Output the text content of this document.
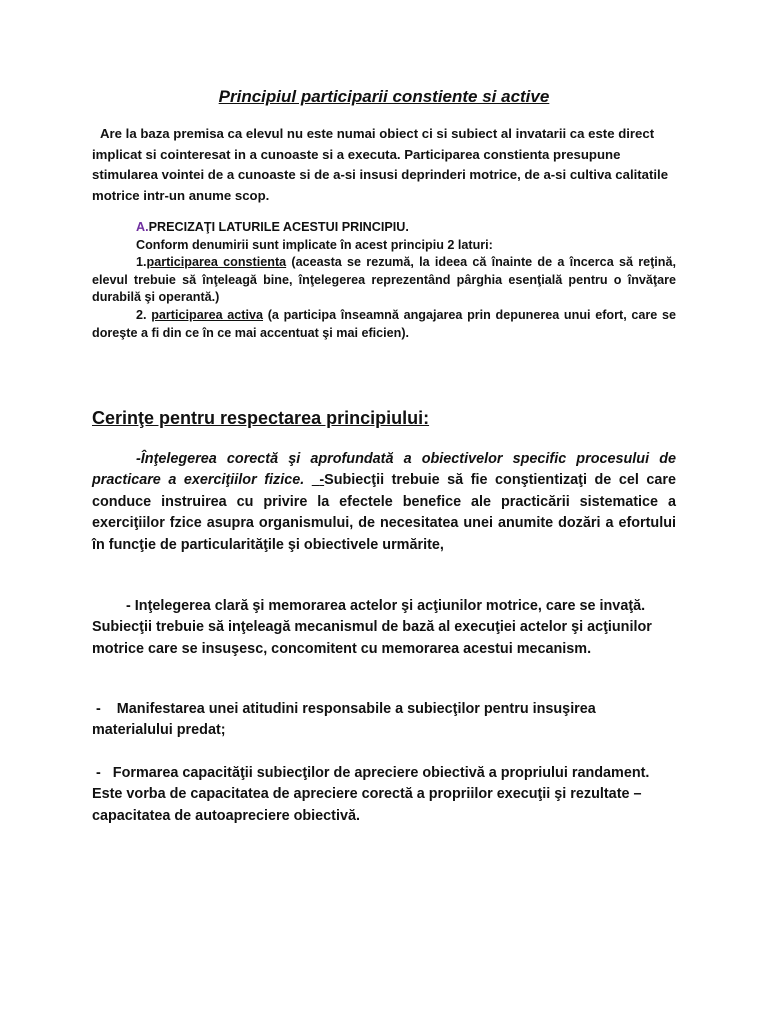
Principiul participarii constiente si active
Are la baza premisa ca elevul nu este numai obiect ci si subiect al invatarii ca este direct implicat si cointeresat in a cunoaste si a executa. Participarea constienta presupune stimularea vointei de a cunoaste si de a-si insusi deprinderi motrice, de a-si cultiva calitatile motrice intr-un anume scop.

A.PRECIZAŢI LATURILE ACESTUI PRINCIPIU.

Conform denumirii sunt implicate în acest principiu 2 laturi:

1.participarea constienta (aceasta se rezumă, la ideea că înainte de a încerca să reţină, elevul trebuie să înţeleagă bine, înţelegerea reprezentând pârghia esenţială pentru o învăţare durabilă şi operantă.)

2. participarea activa (a participa înseamnă angajarea prin depunerea unui efort, care se doreşte a fi din ce în ce mai accentuat şi mai eficien).

Cerinţe pentru respectarea principiului:
-Înţelegerea corectă şi aprofundată a obiectivelor specific procesului de practicare a exerciţiilor fizice. -Subiecţii trebuie să fie conştientizaţi de cel care conduce instruirea cu privire la efectele benefice ale practicării sistematice a exerciţiilor fzice asupra organismului, de necesitatea unei anumite dozări a efortului în funcţie de particularităţile şi obiectivele urmărite,
- Inţelegerea clară şi memorarea actelor şi acţiunilor motrice, care se invaţă. Subiecţii trebuie să inţeleagă mecanismul de bază al execuţiei actelor şi acţiunilor motrice care se insuşesc, concomitent cu memorarea acestui mecanism.
-    Manifestarea unei atitudini responsabile a subiecţilor pentru insuşirea materialului predat;
-   Formarea capacităţii subiecţilor de apreciere obiectivă a propriului randament. Este vorba de capacitatea de apreciere corectă a propriilor execuţii şi rezultate – capacitatea de autoapreciere obiectivă.
